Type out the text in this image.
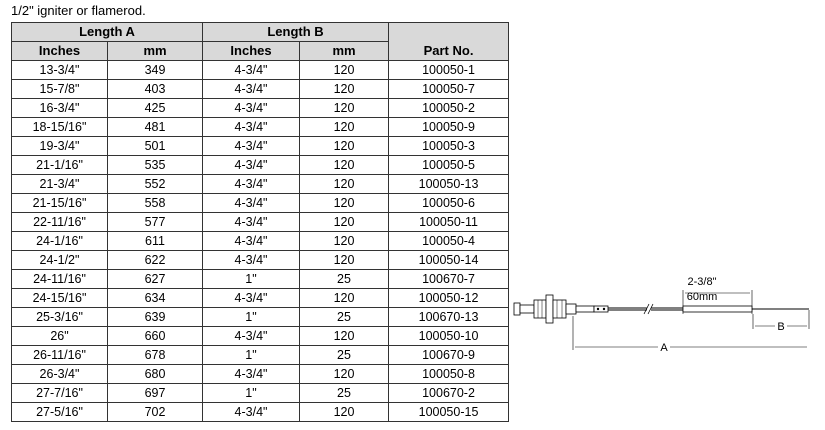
1/2" igniter or flamerod.
Length A		Length B		Part No.
Inches	mm	Inches	mm	
13-3/4"	349	4-3/4"	120	100050-1
15-7/8"	403	4-3/4"	120	100050-7
16-3/4"	425	4-3/4"	120	100050-2
18-15/16"	481	4-3/4"	120	100050-9
19-3/4"	501	4-3/4"	120	100050-3
21-1/16"	535	4-3/4"	120	100050-5
21-3/4"	552	4-3/4"	120	100050-13
21-15/16"	558	4-3/4"	120	100050-6
22-11/16"	577	4-3/4"	120	100050-11
24-1/16"	611	4-3/4"	120	100050-4
24-1/2"	622	4-3/4"	120	100050-14
24-11/16"	627	1"	25	100670-7
24-15/16"	634	4-3/4"	120	100050-12
25-3/16"	639	1"	25	100670-13
26"	660	4-3/4"	120	100050-10
26-11/16"	678	1"	25	100670-9
26-3/4"	680	4-3/4"	120	100050-8
27-7/16"	697	1"	25	100670-2
27-5/16"	702	4-3/4"	120	100050-15
2-3/8"
60mm
B
A
